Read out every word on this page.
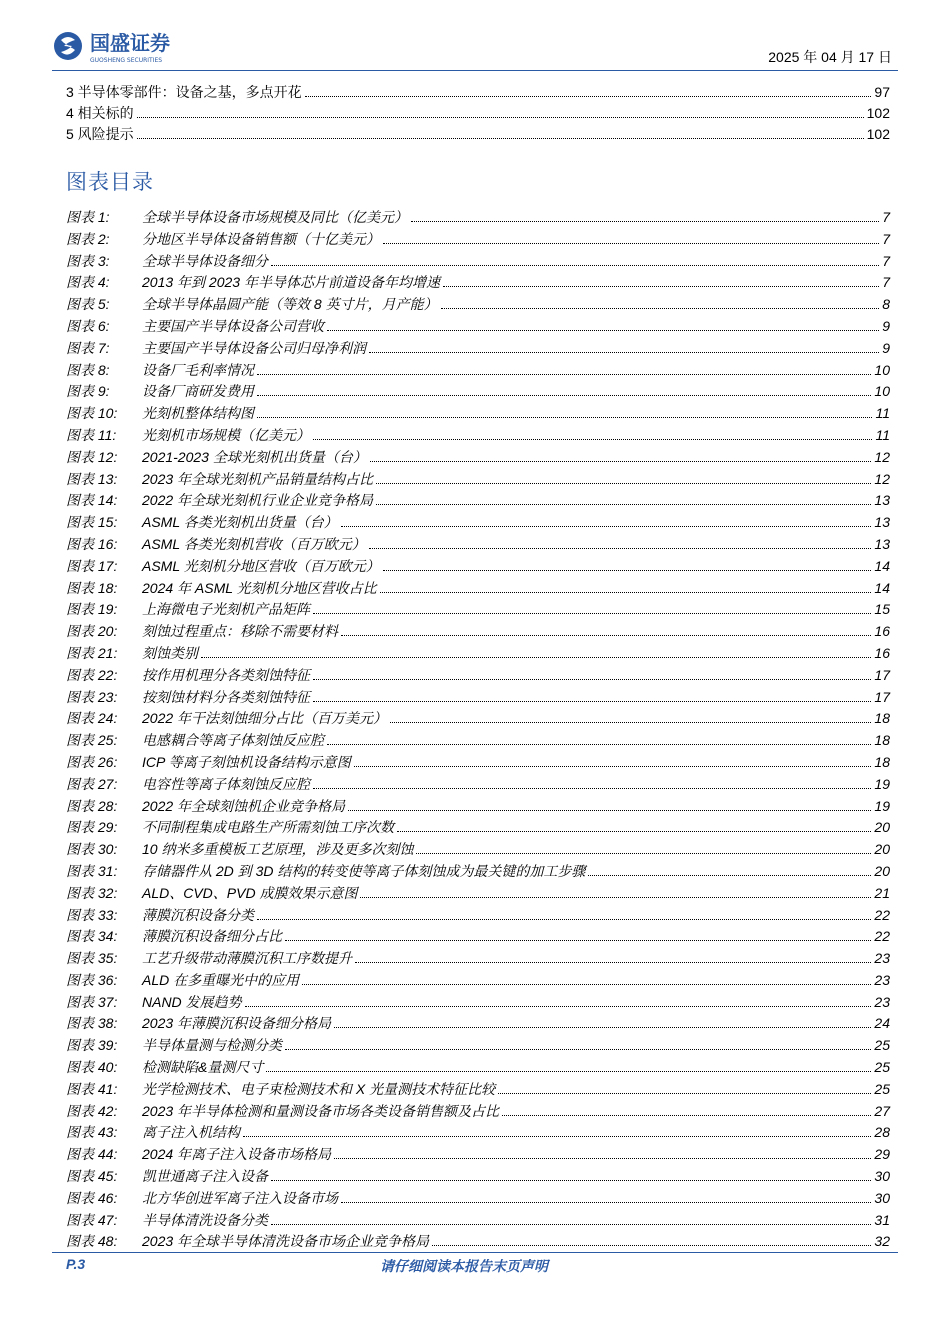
国盛证券
GUOSHENG SECURITIES	2025 年 04 月 17 日
3 半导体零部件：设备之基，多点开花	97
4 相关标的	102
5 风险提示	102
图表目录
图表 1:	全球半导体设备市场规模及同比（亿美元）	7
图表 2:	分地区半导体设备销售额（十亿美元）	7
图表 3:	全球半导体设备细分	7
图表 4:	2013 年到 2023 年半导体芯片前道设备年均增速	7
图表 5:	全球半导体晶圆产能（等效 8 英寸片，月产能）	8
图表 6:	主要国产半导体设备公司营收	9
图表 7:	主要国产半导体设备公司归母净利润	9
图表 8:	设备厂毛利率情况	10
图表 9:	设备厂商研发费用	10
图表 10:	光刻机整体结构图	11
图表 11:	光刻机市场规模（亿美元）	11
图表 12:	2021-2023 全球光刻机出货量（台）	12
图表 13:	2023 年全球光刻机产品销量结构占比	12
图表 14:	2022 年全球光刻机行业企业竞争格局	13
图表 15:	ASML 各类光刻机出货量（台）	13
图表 16:	ASML 各类光刻机营收（百万欧元）	13
图表 17:	ASML 光刻机分地区营收（百万欧元）	14
图表 18:	2024 年 ASML 光刻机分地区营收占比	14
图表 19:	上海微电子光刻机产品矩阵	15
图表 20:	刻蚀过程重点：移除不需要材料	16
图表 21:	刻蚀类别	16
图表 22:	按作用机理分各类刻蚀特征	17
图表 23:	按刻蚀材料分各类刻蚀特征	17
图表 24:	2022 年干法刻蚀细分占比（百万美元）	18
图表 25:	电感耦合等离子体刻蚀反应腔	18
图表 26:	ICP 等离子刻蚀机设备结构示意图	18
图表 27:	电容性等离子体刻蚀反应腔	19
图表 28:	2022 年全球刻蚀机企业竞争格局	19
图表 29:	不同制程集成电路生产所需刻蚀工序次数	20
图表 30:	10 纳米多重模板工艺原理，涉及更多次刻蚀	20
图表 31:	存储器件从 2D 到 3D 结构的转变使等离子体刻蚀成为最关键的加工步骤	20
图表 32:	ALD、CVD、PVD 成膜效果示意图	21
图表 33:	薄膜沉积设备分类	22
图表 34:	薄膜沉积设备细分占比	22
图表 35:	工艺升级带动薄膜沉积工序数提升	23
图表 36:	ALD 在多重曝光中的应用	23
图表 37:	NAND 发展趋势	23
图表 38:	2023 年薄膜沉积设备细分格局	24
图表 39:	半导体量测与检测分类	25
图表 40:	检测缺陷&量测尺寸	25
图表 41:	光学检测技术、电子束检测技术和 X 光量测技术特征比较	25
图表 42:	2023 年半导体检测和量测设备市场各类设备销售额及占比	27
图表 43:	离子注入机结构	28
图表 44:	2024 年离子注入设备市场格局	29
图表 45:	凯世通离子注入设备	30
图表 46:	北方华创进军离子注入设备市场	30
图表 47:	半导体清洗设备分类	31
图表 48:	2023 年全球半导体清洗设备市场企业竞争格局	32
P.3	请仔细阅读本报告末页声明
